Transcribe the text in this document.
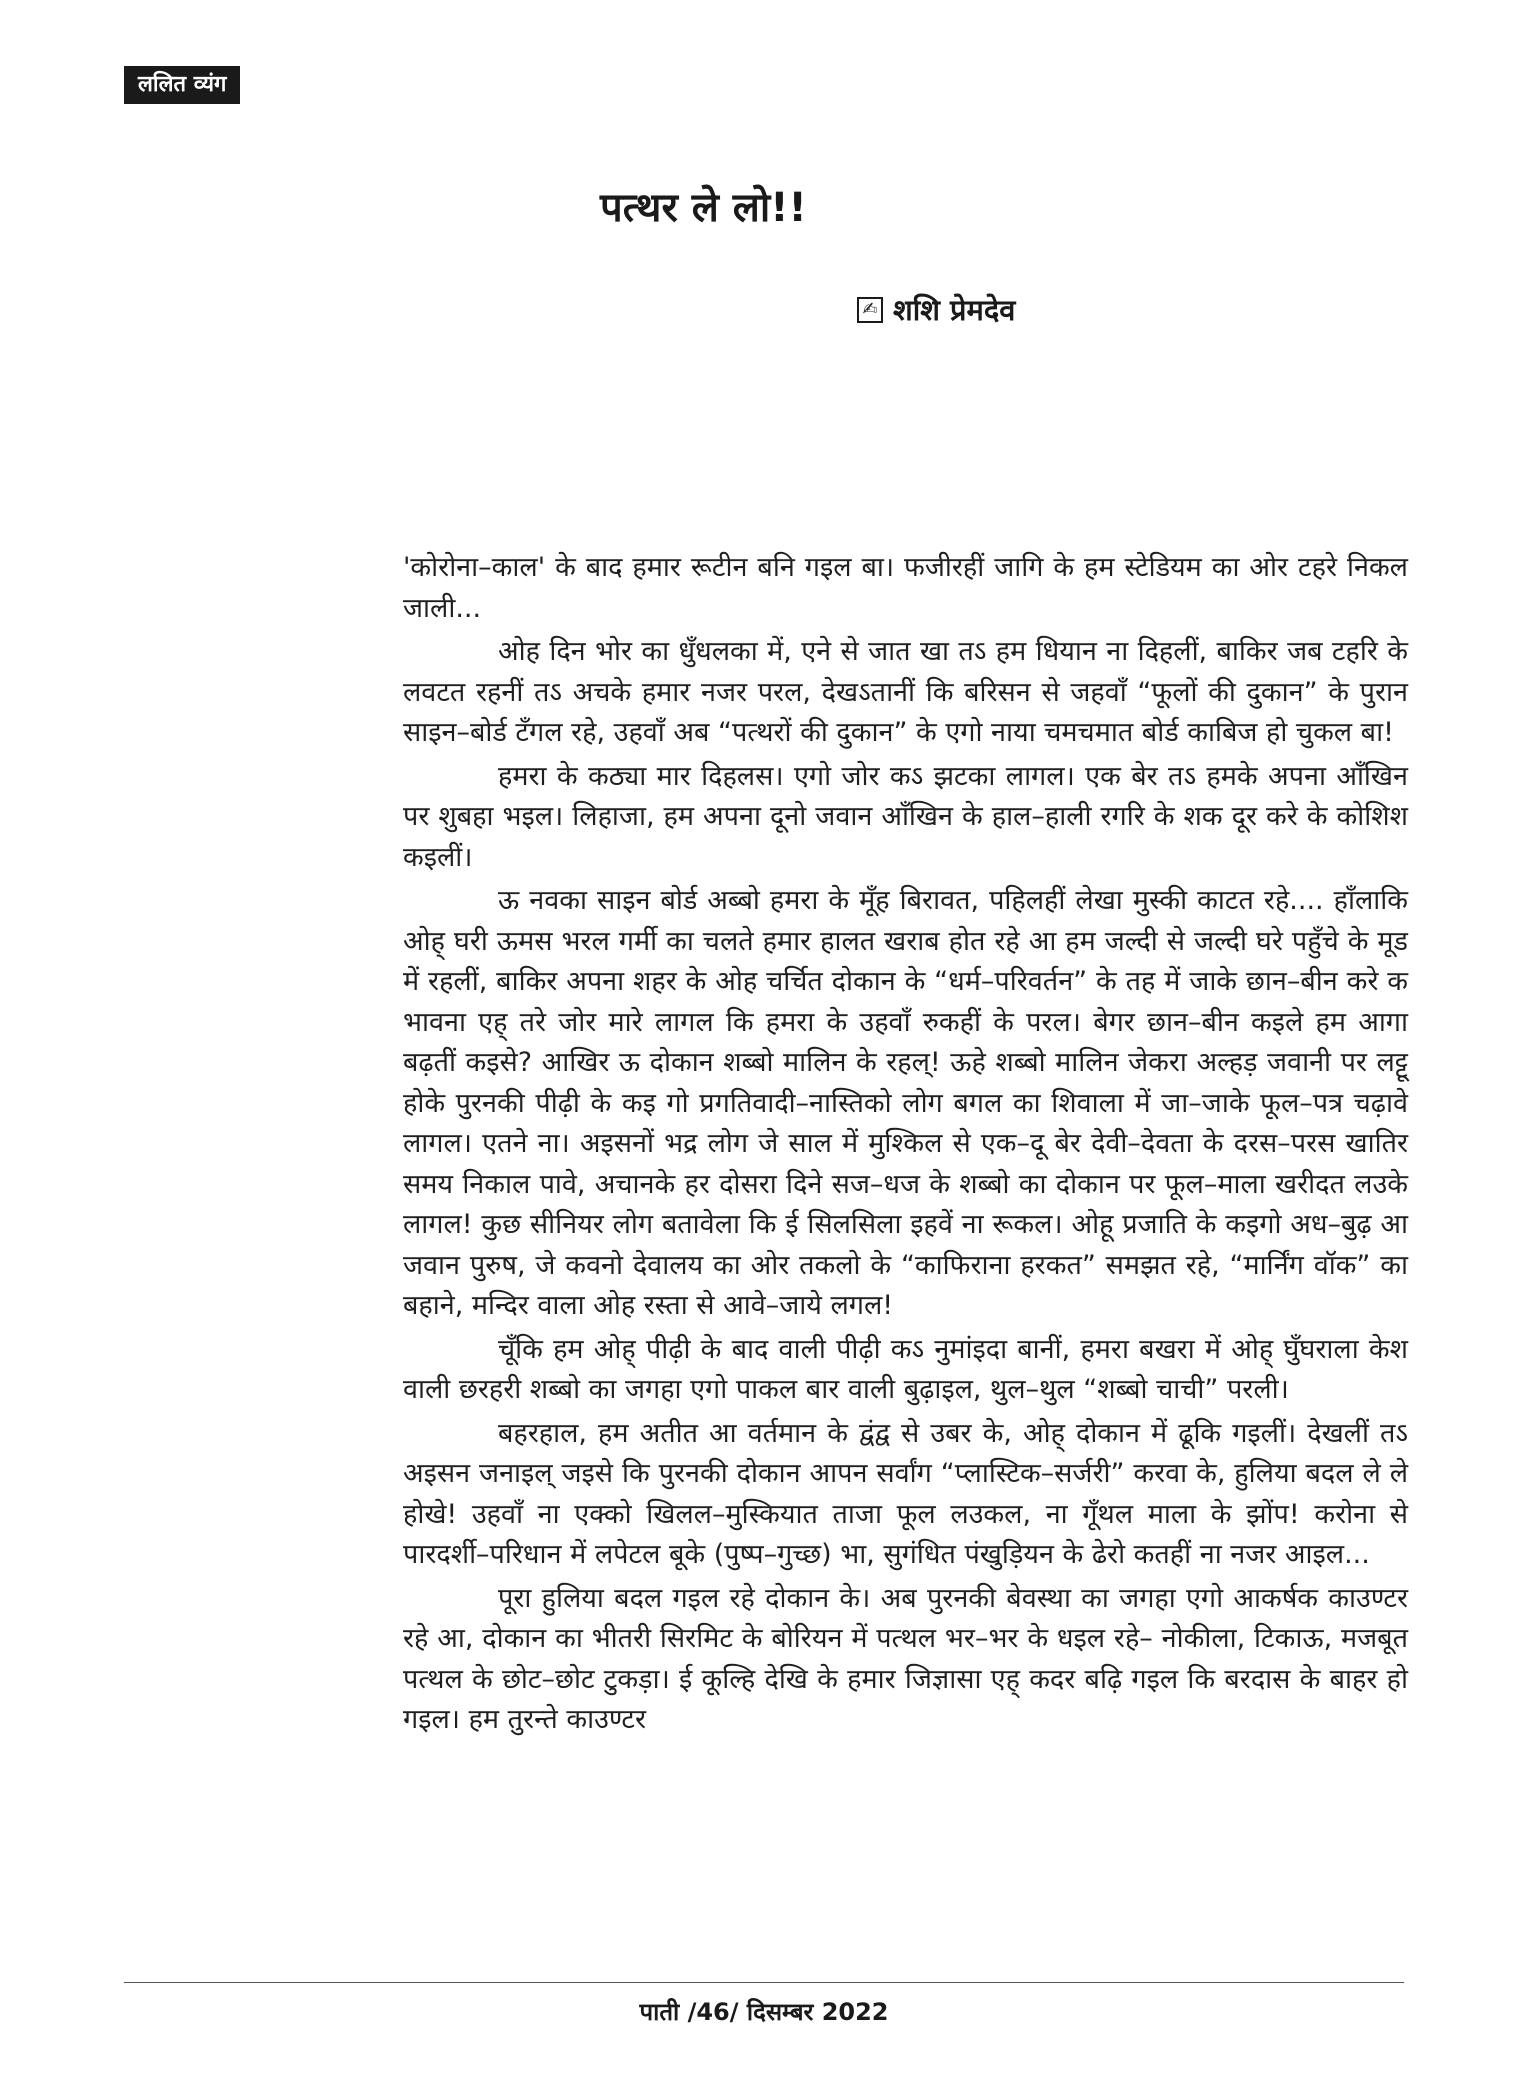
ललित व्यंग
पत्थर ले लो!!
✍ शशि प्रेमदेव

'कोरोना–काल' के बाद हमार रूटीन बनि गइल बा। फजीरहीं जागि के हम स्टेडियम का ओर टहरे निकल जाली...

ओह दिन भोर का धुँधलका में, एने से जात खा तऽ हम धियान ना दिहलीं, बाकिर जब टहरि के लवटत रहनीं तऽ अचके हमार नजर परल, देखऽतानीं कि बरिसन से जहवाँ “फूलों की दुकान” के पुरान साइन–बोर्ड टँगल रहे, उहवाँ अब “पत्थरों की दुकान” के एगो नाया चमचमात बोर्ड काबिज हो चुकल बा!

हमरा के कठ्या मार दिहलस। एगो जोर कऽ झटका लागल। एक बेर तऽ हमके अपना आँखिन पर शुबहा भइल। लिहाजा, हम अपना दूनो जवान आँखिन के हाल–हाली रगरि के शक दूर करे के कोशिश कइलीं।

ऊ नवका साइन बोर्ड अब्बो हमरा के मूँह बिरावत, पहिलहीं लेखा मुस्की काटत रहे.... हाँलाकि ओह् घरी ऊमस भरल गर्मी का चलते हमार हालत खराब होत रहे आ हम जल्दी से जल्दी घरे पहुँचे के मूड में रहलीं, बाकिर अपना शहर के ओह चर्चित दोकान के “धर्म–परिवर्तन” के तह में जाके छान–बीन करे क भावना एह् तरे जोर मारे लागल कि हमरा के उहवाँ रुकहीं के परल। बेगर छान–बीन कइले हम आगा बढ़तीं कइसे? आखिर ऊ दोकान शब्बो मालिन के रहल्! ऊहे शब्बो मालिन जेकरा अल्हड़ जवानी पर लट्टू होके पुरनकी पीढ़ी के कइ गो प्रगतिवादी–नास्तिको लोग बगल का शिवाला में जा–जाके फूल–पत्र चढ़ावे लागल। एतने ना। अइसनों भद्र लोग जे साल में मुश्किल से एक–दू बेर देवी–देवता के दरस–परस खातिर समय निकाल पावे, अचानके हर दोसरा दिने सज–धज के शब्बो का दोकान पर फूल–माला खरीदत लउके लागल! कुछ सीनियर लोग बतावेला कि ई सिलसिला इहवें ना रूकल। ओहू प्रजाति के कइगो अध–बुढ़ आ जवान पुरुष, जे कवनो देवालय का ओर तकलो के “काफिराना हरकत” समझत रहे, “मार्निंग वॉक” का बहाने, मन्दिर वाला ओह रस्ता से आवे–जाये लगल!

चूँकि हम ओह् पीढ़ी के बाद वाली पीढ़ी कऽ नुमांइदा बानीं, हमरा बखरा में ओह् घुँघराला केश वाली छरहरी शब्बो का जगहा एगो पाकल बार वाली बुढ़ाइल, थुल–थुल “शब्बो चाची” परली।

बहरहाल, हम अतीत आ वर्तमान के द्वंद्व से उबर के, ओह् दोकान में ढूकि गइलीं। देखलीं तऽ अइसन जनाइल् जइसे कि पुरनकी दोकान आपन सर्वांग “प्लास्टिक–सर्जरी” करवा के, हुलिया बदल ले ले होखे! उहवाँ ना एक्को खिलल–मुस्कियात ताजा फूल लउकल, ना गूँथल माला के झोंप! करोना से पारदर्शी–परिधान में लपेटल बूके (पुष्प–गुच्छ) भा, सुगंधित पंखुड़ियन के ढेरो कतहीं ना नजर आइल...

पूरा हुलिया बदल गइल रहे दोकान के। अब पुरनकी बेवस्था का जगहा एगो आकर्षक काउण्टर रहे आ, दोकान का भीतरी सिरमिट के बोरियन में पत्थल भर–भर के धइल रहे– नोकीला, टिकाऊ, मजबूत पत्थल के छोट–छोट टुकड़ा। ई कूल्हि देखि के हमार जिज्ञासा एह् कदर बढ़ि गइल कि बरदास के बाहर हो गइल। हम तुरन्ते काउण्टर

पाती /46/ दिसम्बर 2022
